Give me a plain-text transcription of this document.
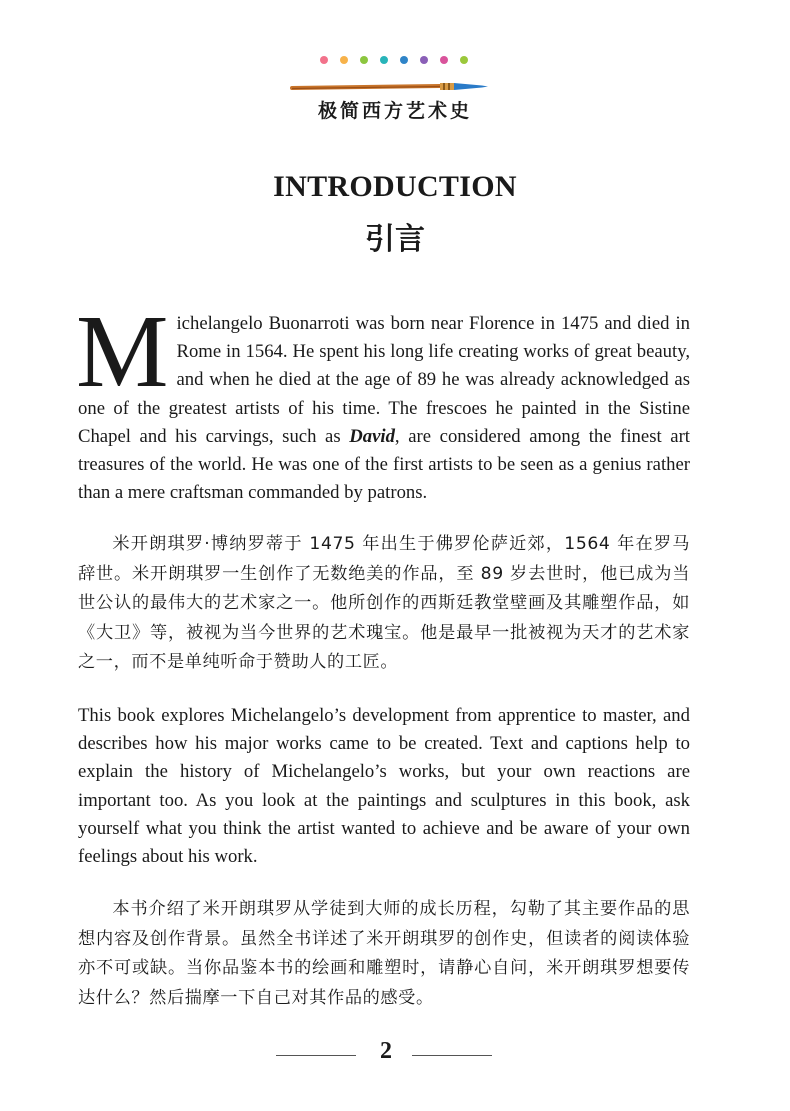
极简西方艺术史
INTRODUCTION
引言

Michelangelo Buonarroti was born near Florence in 1475 and died in Rome in 1564. He spent his long life creating works of great beauty, and when he died at the age of 89 he was already acknowledged as one of the greatest artists of his time. The frescoes he painted in the Sistine Chapel and his carvings, such as David, are considered among the finest art treasures of the world. He was one of the first artists to be seen as a genius rather than a mere craftsman commanded by patrons.

米开朗琪罗·博纳罗蒂于 1475 年出生于佛罗伦萨近郊，1564 年在罗马辞世。米开朗琪罗一生创作了无数绝美的作品，至 89 岁去世时，他已成为当世公认的最伟大的艺术家之一。他所创作的西斯廷教堂壁画及其雕塑作品，如《大卫》等，被视为当今世界的艺术瑰宝。他是最早一批被视为天才的艺术家之一，而不是单纯听命于赞助人的工匠。

This book explores Michelangelo’s development from apprentice to master, and describes how his major works came to be created. Text and captions help to explain the history of Michelangelo’s works, but your own reactions are important too. As you look at the paintings and sculptures in this book, ask yourself what you think the artist wanted to achieve and be aware of your own feelings about his work.

本书介绍了米开朗琪罗从学徒到大师的成长历程，勾勒了其主要作品的思想内容及创作背景。虽然全书详述了米开朗琪罗的创作史，但读者的阅读体验亦不可或缺。当你品鉴本书的绘画和雕塑时，请静心自问，米开朗琪罗想要传达什么？然后揣摩一下自己对其作品的感受。

2
